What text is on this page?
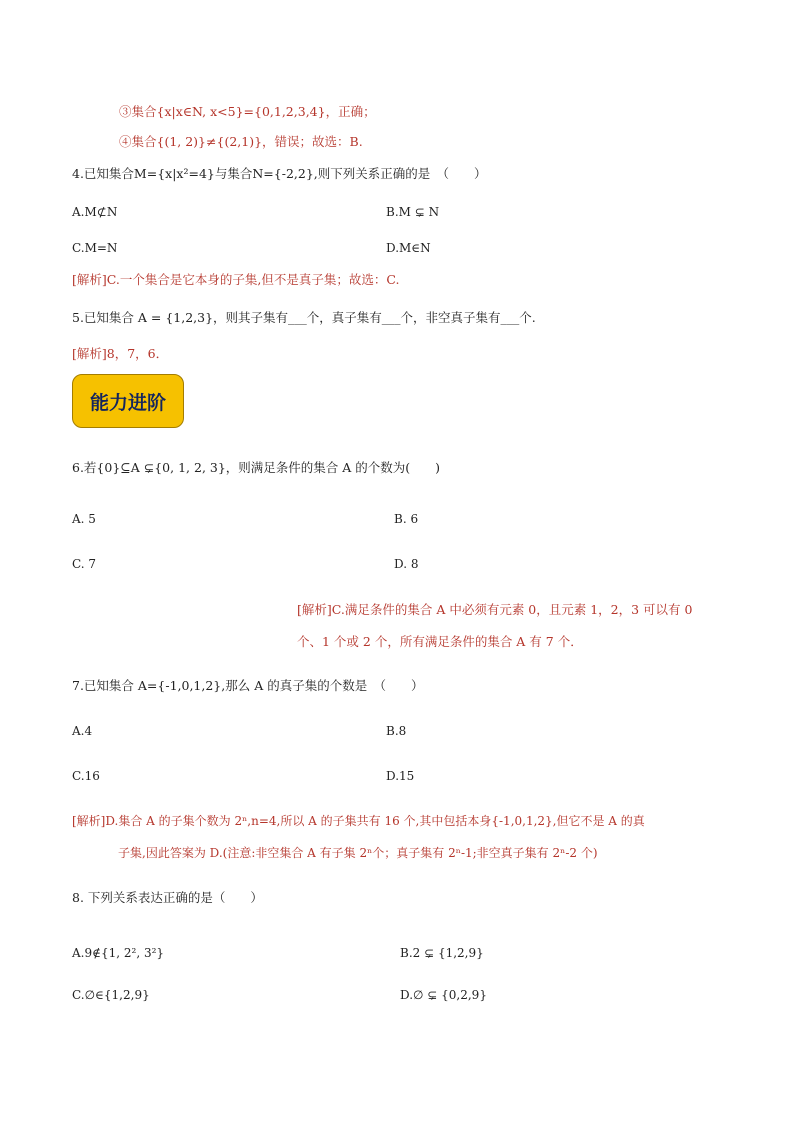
③集合{x|x∈N, x<5}={0,1,2,3,4}，正确；
④集合{(1, 2)}≠{(2,1)}，错误；故选：B.
4.已知集合M={x|x²=4}与集合N={-2,2},则下列关系正确的是　（　　）
A.M⊄N	B.M ⊊ N
C.M=N	D.M∈N
[解析]C.一个集合是它本身的子集,但不是真子集；故选：C.
5.已知集合 A = {1,2,3}，则其子集有___个，真子集有___个，非空真子集有___个.
[解析]8，7，6．
能力进阶
6.若{0}⊆A ⊊{0, 1, 2, 3}，则满足条件的集合 A 的个数为(　　)
A. 5	B. 6
C. 7	D. 8
[解析]C.满足条件的集合 A 中必须有元素 0，且元素 1，2，3 可以有 0
个、1 个或 2 个，所有满足条件的集合 A 有 7 个．
7.已知集合 A={-1,0,1,2},那么 A 的真子集的个数是　（　　）
A.4	B.8
C.16	D.15
[解析]D.集合 A 的子集个数为 2ⁿ,n=4,所以 A 的子集共有 16 个,其中包括本身{-1,0,1,2},但它不是 A 的真
子集,因此答案为 D.(注意:非空集合 A 有子集 2ⁿ个；真子集有 2ⁿ-1;非空真子集有 2ⁿ-2 个)
8. 下列关系表达正确的是（　　）
A.9∉{1, 2², 3²}	B.2 ⊊ {1,2,9}
C.∅∈{1,2,9}	D.∅ ⊊ {0,2,9}
